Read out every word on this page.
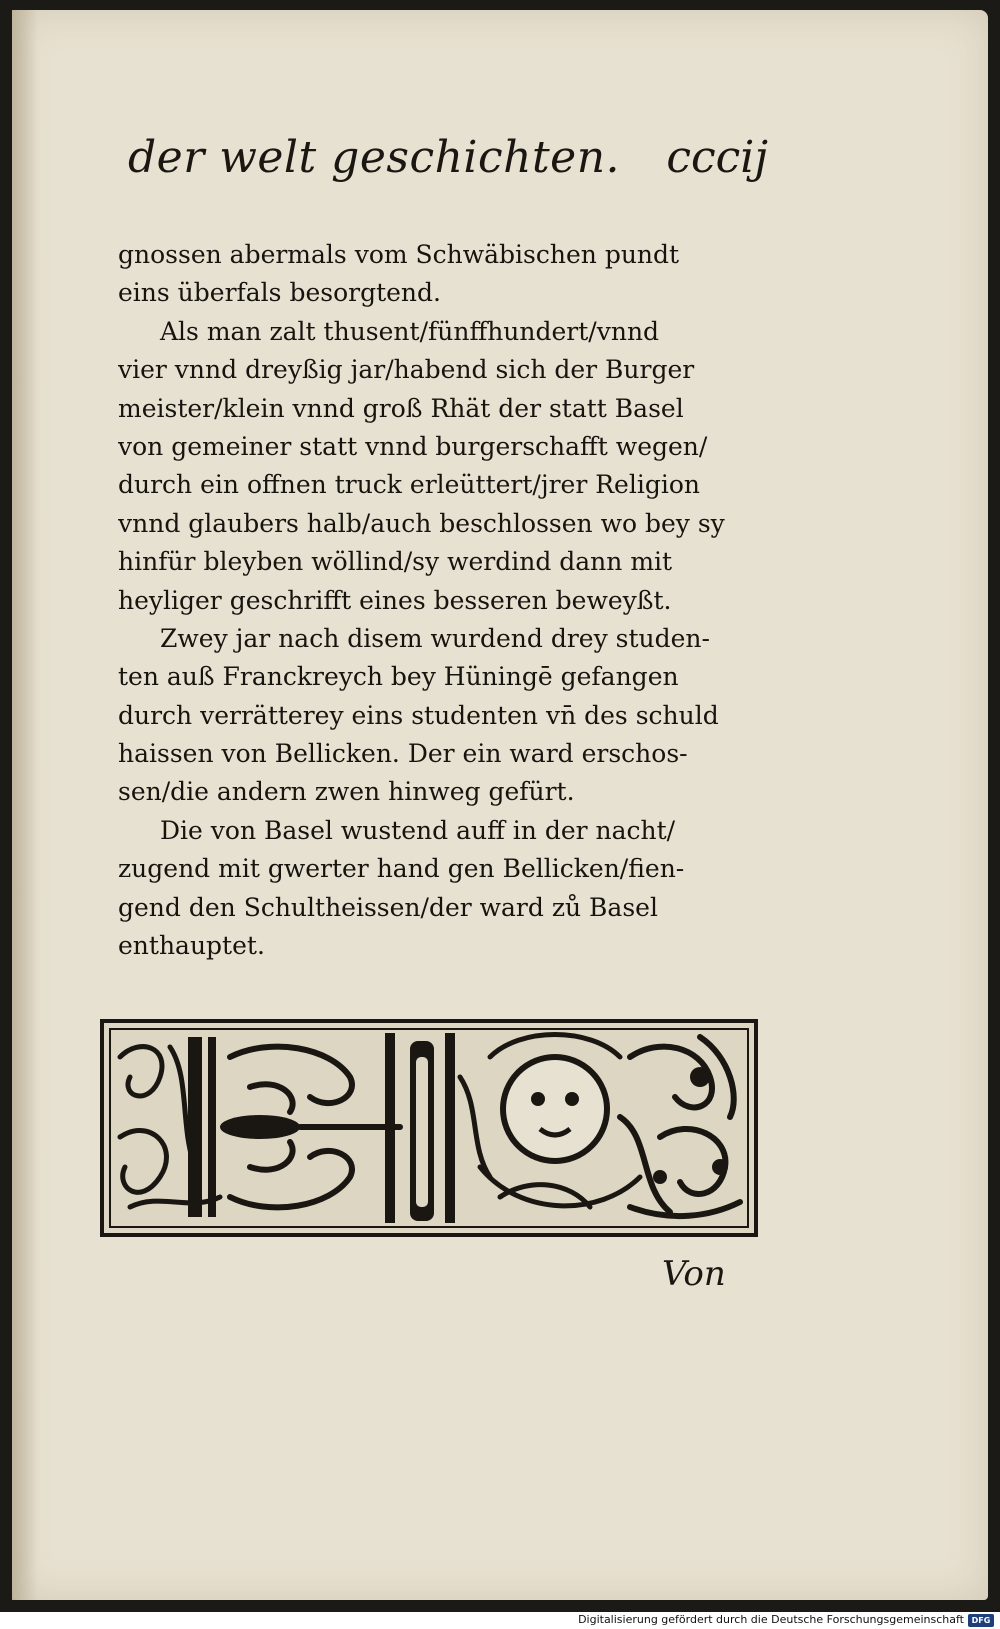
der welt geschichten. cccij
gnossen abermals vom Schwäbischen pundt
eins überfals besorgtend.
Als man zalt thusent/fünffhundert/vnnd
vier vnnd dreyßig jar/habend sich der Burger
meister/klein vnnd groß Rhät der statt Basel
von gemeiner statt vnnd burgerschafft wegen/
durch ein offnen truck erleüttert/jrer Religion
vnnd glaubers halb/auch beschlossen wo bey sy
hinfür bleyben wöllind/sy werdind dann mit
heyliger geschrifft eines besseren beweyßt.
Zwey jar nach disem wurdend drey studen-
ten auß Franckreych bey Hüningē gefangen
durch verrätterey eins studenten vn̄ des schuld
haissen von Bellicken. Der ein ward erschos-
sen/die andern zwen hinweg gefürt.
Die von Basel wustend auff in der nacht/
zugend mit gwerter hand gen Bellicken/fien-
gend den Schultheissen/der ward zů Basel
enthauptet.
Von
Digitalisierung gefördert durch die Deutsche Forschungsgemeinschaft DFG
